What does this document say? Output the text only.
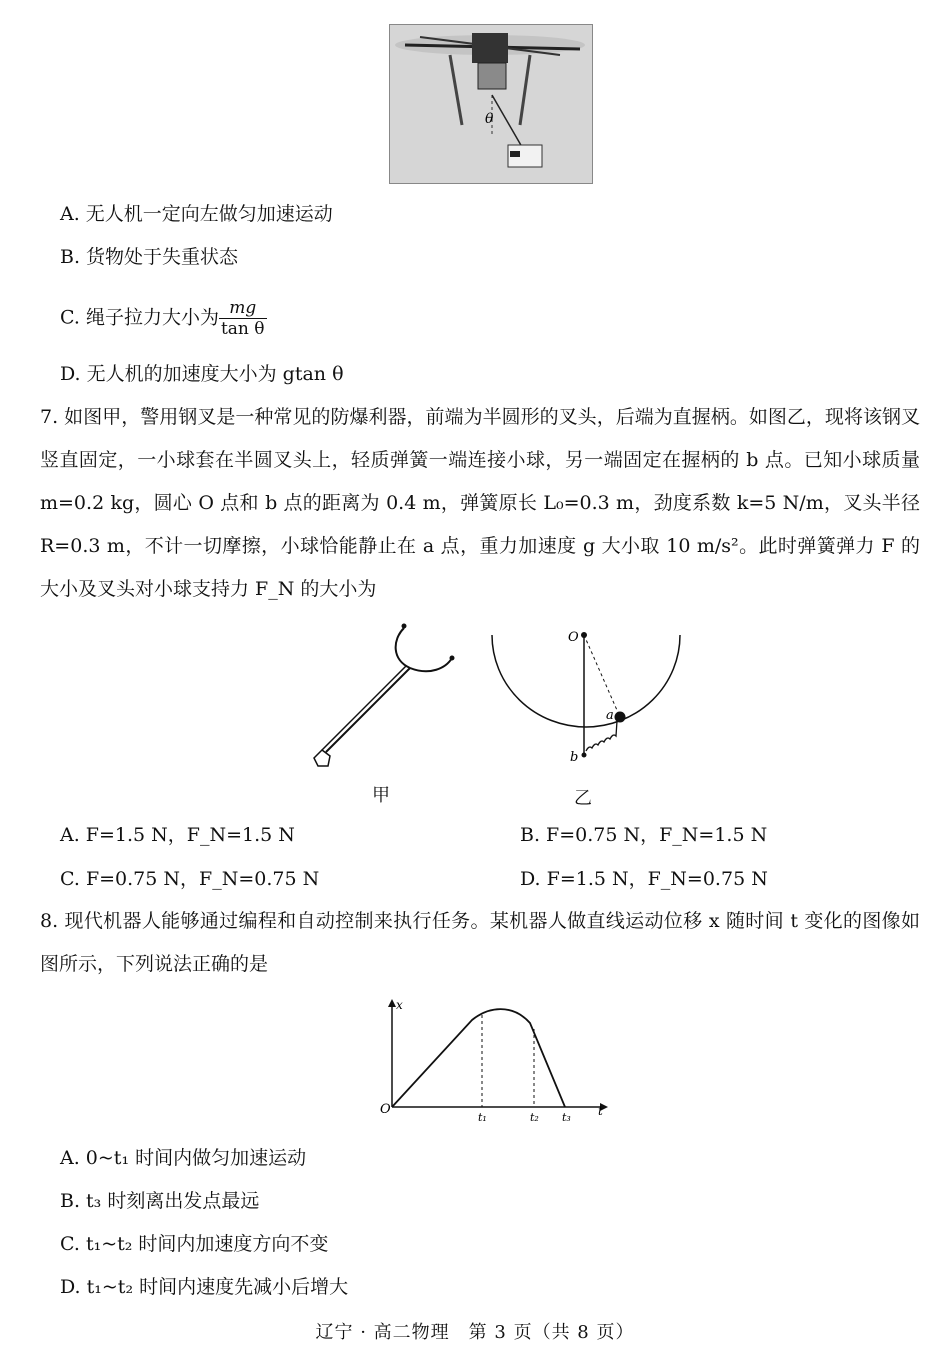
θ
A. 无人机一定向左做匀加速运动
B. 货物处于失重状态
C. 绳子拉力大小为 $\frac{mg}{\text{tan θ}}$
D. 无人机的加速度大小为 gtan θ
7. 如图甲，警用钢叉是一种常见的防爆利器，前端为半圆形的叉头，后端为直握柄。如图乙，现将该钢叉竖直固定，一小球套在半圆叉头上，轻质弹簧一端连接小球，另一端固定在握柄的 b 点。已知小球质量 m=0.2 kg，圆心 O 点和 b 点的距离为 0.4 m，弹簧原长 L₀=0.3 m，劲度系数 k=5 N/m，叉头半径 R=0.3 m，不计一切摩擦，小球恰能静止在 a 点，重力加速度 g 大小取 10 m/s²。此时弹簧弹力 F 的大小及叉头对小球支持力 F_N 的大小为
甲
O
a
b
乙
A. F=1.5 N，F_N=1.5 N	B. F=0.75 N，F_N=1.5 N
C. F=0.75 N，F_N=0.75 N	D. F=1.5 N，F_N=0.75 N
8. 现代机器人能够通过编程和自动控制来执行任务。某机器人做直线运动位移 x 随时间 t 变化的图像如图所示，下列说法正确的是
O
x
t
t₁	t₂ t₃
A. 0~t₁ 时间内做匀加速运动
B. t₃ 时刻离出发点最远
C. t₁~t₂ 时间内加速度方向不变
D. t₁~t₂ 时间内速度先减小后增大
辽宁 · 高二物理　第 3 页（共 8 页）
